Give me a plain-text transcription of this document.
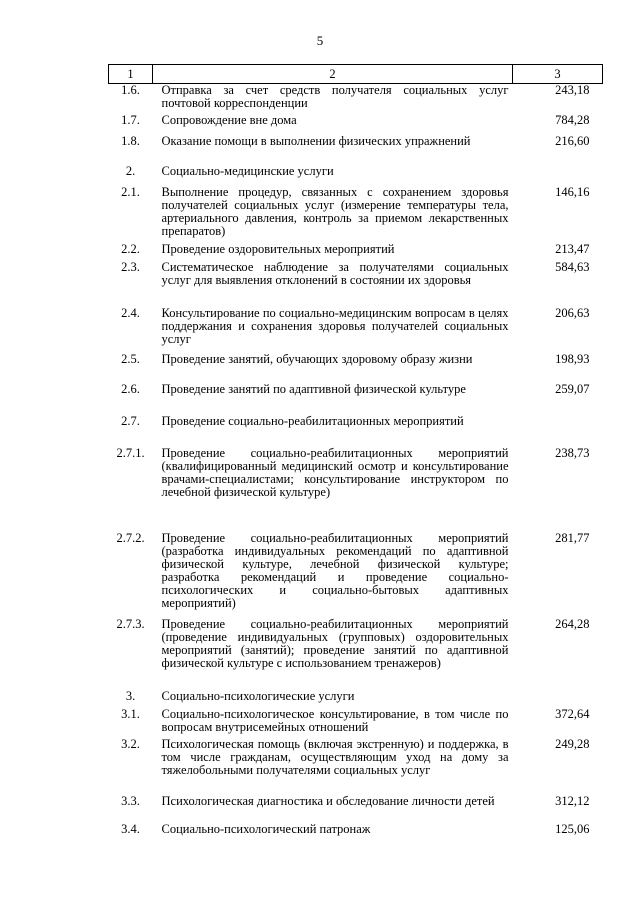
5
1	2	3
1.6.	Отправка за счет средств получателя социальных услуг почтовой корреспонденции	243,18
1.7.	Сопровождение вне дома	784,28
1.8.	Оказание помощи в выполнении физических упражнений	216,60
2.	Социально-медицинские услуги	

2.1.	Выполнение процедур, связанных с сохранением здоровья получателей социальных услуг (измерение температуры тела, артериального давления, контроль за приемом лекарственных препаратов)	146,16
2.2.	Проведение оздоровительных мероприятий	213,47
2.3.	Систематическое наблюдение за получателями социальных услуг для выявления отклонений в состоянии их здоровья	584,63
2.4.	Консультирование по социально-медицинским вопросам в целях поддержания и сохранения здоровья получателей социальных услуг	206,63
2.5.	Проведение занятий, обучающих здоровому образу жизни	198,93
2.6.	Проведение занятий по адаптивной физической культуре	259,07
2.7.	Проведение социально-реабилитационных мероприятий	

2.7.1.	Проведение социально-реабилитационных мероприятий (квалифицированный медицинский осмотр и консультирование врачами-специалистами; консультирование инструктором по лечебной физической культуре)	238,73
2.7.2.	Проведение социально-реабилитационных мероприятий (разработка индивидуальных рекомендаций по адаптивной физической культуре, лечебной физической культуре; разработка рекомендаций и проведение социально-психологических и социально-бытовых адаптивных мероприятий)	281,77
2.7.3.	Проведение социально-реабилитационных мероприятий (проведение индивидуальных (групповых) оздоровительных мероприятий (занятий); проведение занятий по адаптивной физической культуре с использованием тренажеров)	264,28
3.	Социально-психологические услуги	

3.1.	Социально-психологическое консультирование, в том числе по вопросам внутрисемейных отношений	372,64
3.2.	Психологическая помощь (включая экстренную) и поддержка, в том числе гражданам, осуществляющим уход на дому за тяжелобольными получателями социальных услуг	249,28
3.3.	Психологическая диагностика и обследование личности детей	312,12
3.4.	Социально-психологический патронаж	125,06
